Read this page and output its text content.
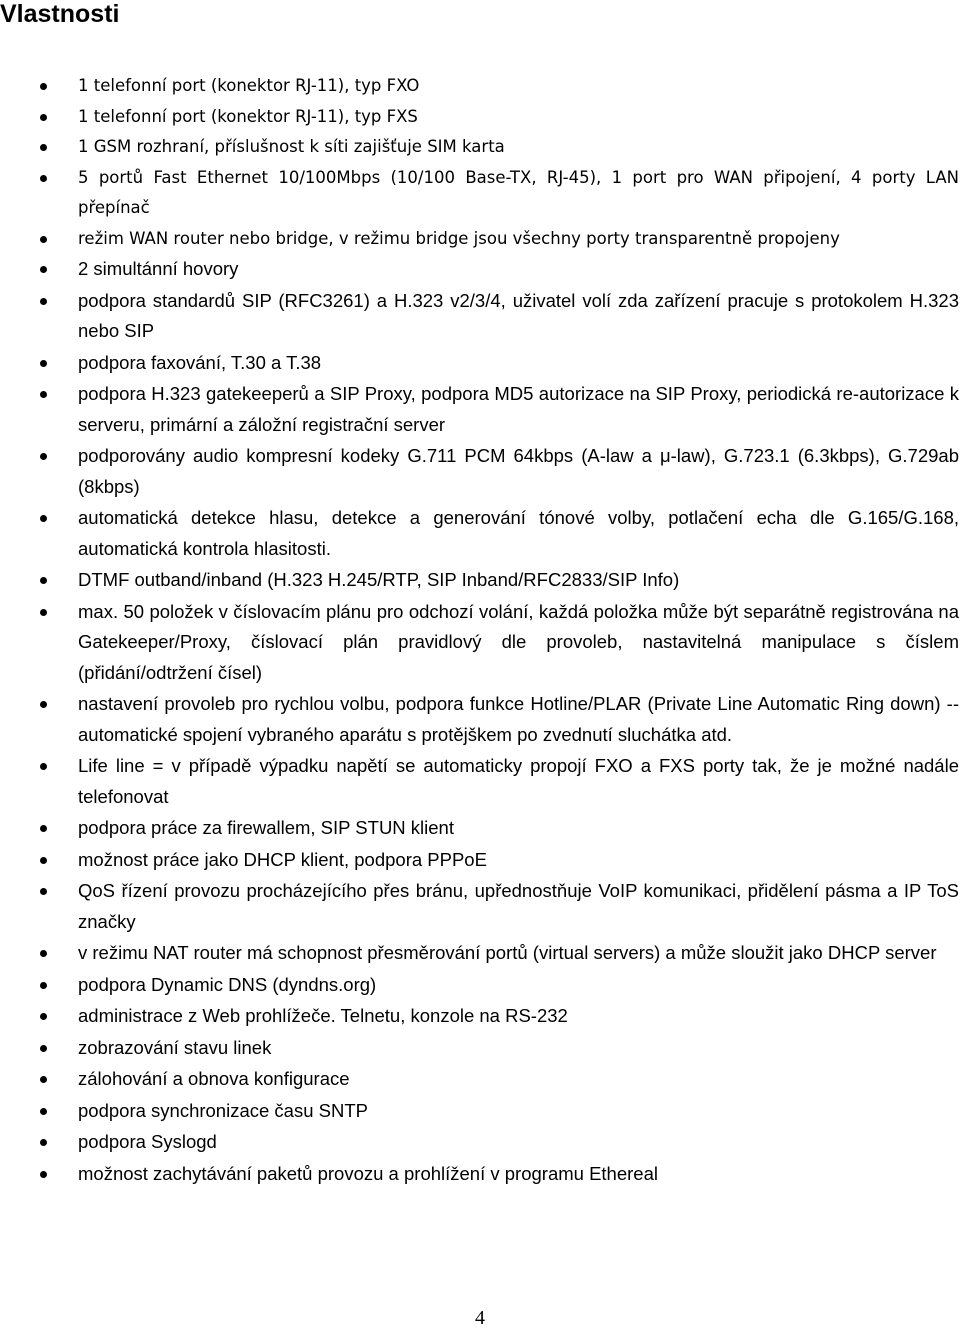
Vlastnosti
1 telefonní port (konektor RJ-11), typ FXO
1 telefonní port (konektor RJ-11), typ FXS
1 GSM rozhraní, příslušnost k síti zajišťuje SIM karta
5 portů Fast Ethernet 10/100Mbps (10/100 Base-TX, RJ-45), 1 port pro WAN připojení, 4 porty LAN přepínač
režim WAN router nebo bridge, v režimu bridge jsou všechny porty transparentně propojeny
2 simultánní hovory
podpora standardů SIP (RFC3261) a H.323 v2/3/4, uživatel volí zda zařízení pracuje s protokolem H.323 nebo SIP
podpora faxování, T.30 a T.38
podpora H.323 gatekeeperů a SIP Proxy, podpora MD5 autorizace na SIP Proxy, periodická re-autorizace k serveru, primární a záložní registrační server
podporovány audio kompresní kodeky G.711 PCM 64kbps (A-law a μ-law), G.723.1 (6.3kbps), G.729ab (8kbps)
automatická detekce hlasu, detekce a generování tónové volby, potlačení echa dle G.165/G.168, automatická kontrola hlasitosti.
DTMF outband/inband (H.323 H.245/RTP, SIP Inband/RFC2833/SIP Info)
max. 50 položek v číslovacím plánu pro odchozí volání, každá položka může být separátně registrována na Gatekeeper/Proxy, číslovací plán pravidlový dle provoleb, nastavitelná manipulace s číslem (přidání/odtržení čísel)
nastavení provoleb pro rychlou volbu, podpora funkce Hotline/PLAR (Private Line Automatic Ring down) -- automatické spojení vybraného aparátu s protějškem po zvednutí sluchátka atd.
Life line = v případě výpadku napětí se automaticky propojí FXO a FXS porty tak, že je možné nadále telefonovat
podpora práce za firewallem, SIP STUN klient
možnost práce jako DHCP klient, podpora PPPoE
QoS řízení provozu procházejícího přes bránu, upřednostňuje VoIP komunikaci, přidělení pásma a IP ToS značky
v režimu NAT router má schopnost přesměrování portů (virtual servers) a může sloužit jako DHCP server
podpora Dynamic DNS (dyndns.org)
administrace z Web prohlížeče. Telnetu, konzole na RS-232
zobrazování stavu linek
zálohování a obnova konfigurace
podpora synchronizace času SNTP
podpora Syslogd
možnost zachytávání paketů provozu a prohlížení v programu Ethereal
4
